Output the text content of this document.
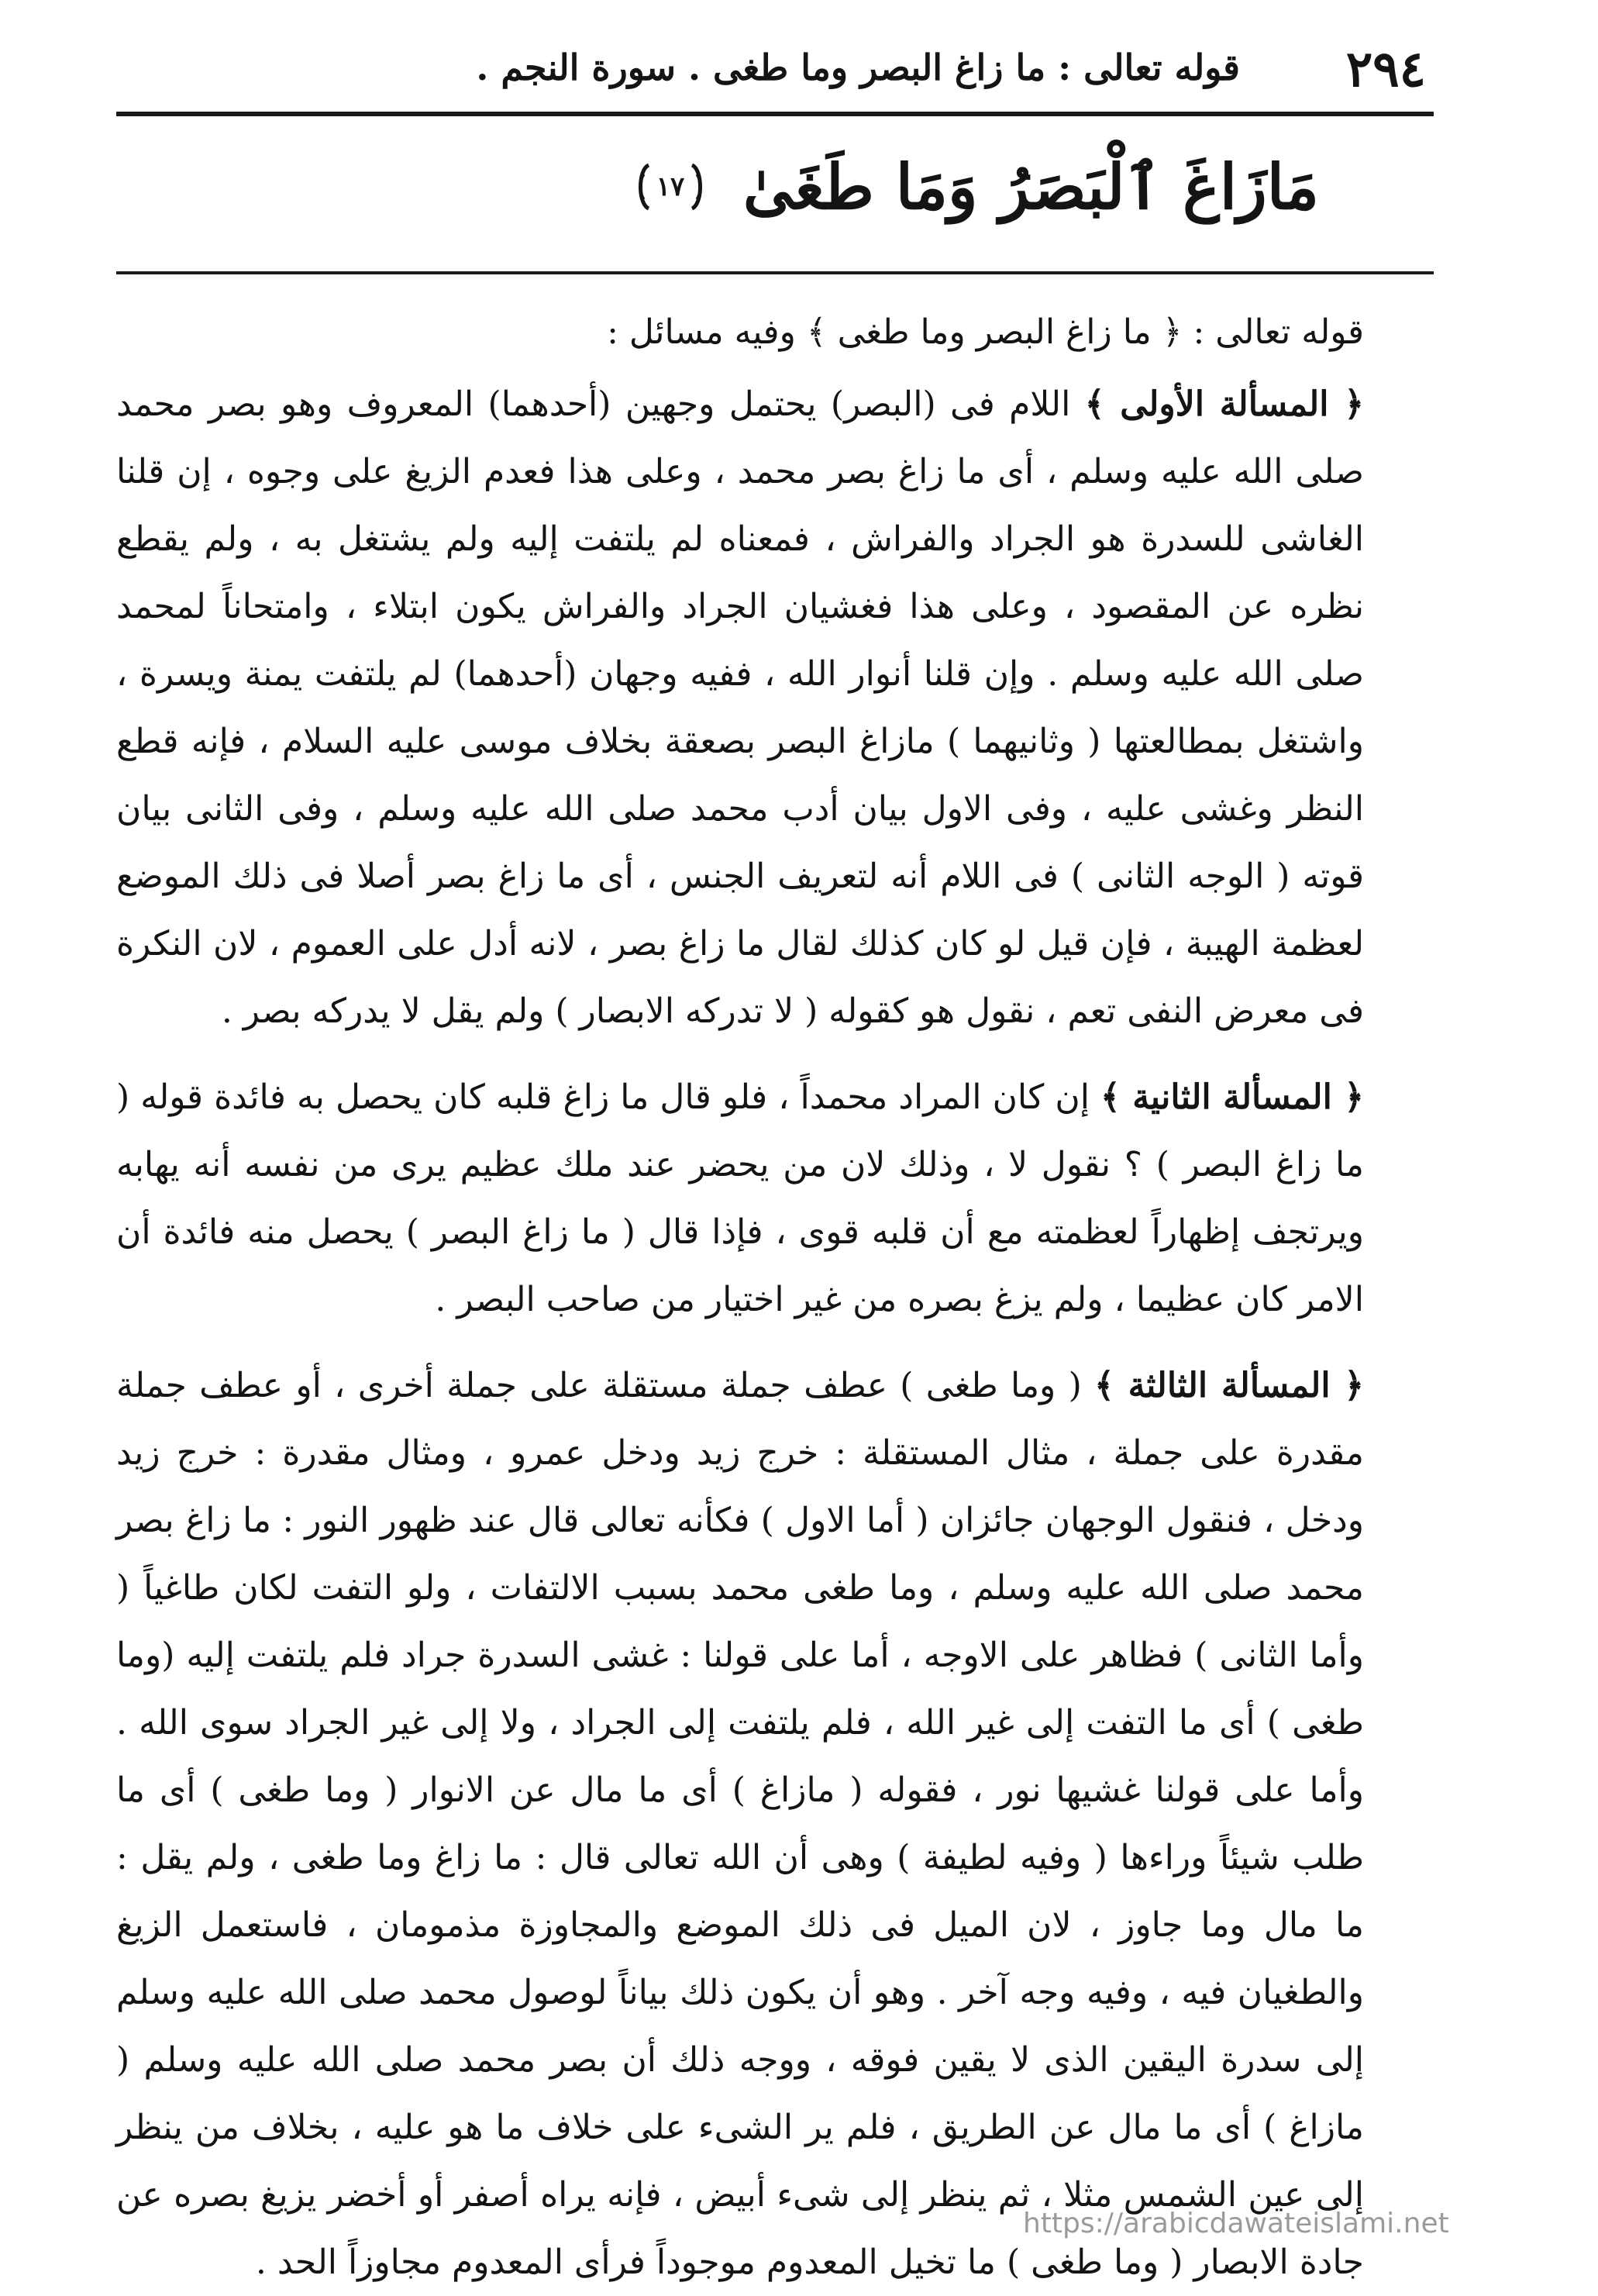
٢٩٤
قوله تعالى : ما زاغ البصر وما طغى . سورة النجم .
مَازَاغَ ٱلْبَصَرُ وَمَا طَغَىٰ
١٧

قوله تعالى : ﴿ ما زاغ البصر وما طغى ﴾ وفيه مسائل :

﴿ المسألة الأولى ﴾ اللام فى (البصر) يحتمل وجهين (أحدهما) المعروف وهو بصر محمد صلى الله عليه وسلم ، أى ما زاغ بصر محمد ، وعلى هذا فعدم الزيغ على وجوه ، إن قلنا الغاشى للسدرة هو الجراد والفراش ، فمعناه لم يلتفت إليه ولم يشتغل به ، ولم يقطع نظره عن المقصود ، وعلى هذا فغشيان الجراد والفراش يكون ابتلاء ، وامتحاناً لمحمد صلى الله عليه وسلم . وإن قلنا أنوار الله ، ففيه وجهان (أحدهما) لم يلتفت يمنة ويسرة ، واشتغل بمطالعتها ( وثانيهما ) مازاغ البصر بصعقة بخلاف موسى عليه السلام ، فإنه قطع النظر وغشى عليه ، وفى الاول بيان أدب محمد صلى الله عليه وسلم ، وفى الثانى بيان قوته ( الوجه الثانى ) فى اللام أنه لتعريف الجنس ، أى ما زاغ بصر أصلا فى ذلك الموضع لعظمة الهيبة ، فإن قيل لو كان كذلك لقال ما زاغ بصر ، لانه أدل على العموم ، لان النكرة فى معرض النفى تعم ، نقول هو كقوله ( لا تدركه الابصار ) ولم يقل لا يدركه بصر .

﴿ المسألة الثانية ﴾ إن كان المراد محمداً ، فلو قال ما زاغ قلبه كان يحصل به فائدة قوله ( ما زاغ البصر ) ؟ نقول لا ، وذلك لان من يحضر عند ملك عظيم يرى من نفسه أنه يهابه ويرتجف إظهاراً لعظمته مع أن قلبه قوى ، فإذا قال ( ما زاغ البصر ) يحصل منه فائدة أن الامر كان عظيما ، ولم يزغ بصره من غير اختيار من صاحب البصر .

﴿ المسألة الثالثة ﴾ ( وما طغى ) عطف جملة مستقلة على جملة أخرى ، أو عطف جملة مقدرة على جملة ، مثال المستقلة : خرج زيد ودخل عمرو ، ومثال مقدرة : خرج زيد ودخل ، فنقول الوجهان جائزان ( أما الاول ) فكأنه تعالى قال عند ظهور النور : ما زاغ بصر محمد صلى الله عليه وسلم ، وما طغى محمد بسبب الالتفات ، ولو التفت لكان طاغياً ( وأما الثانى ) فظاهر على الاوجه ، أما على قولنا : غشى السدرة جراد فلم يلتفت إليه (وما طغى ) أى ما التفت إلى غير الله ، فلم يلتفت إلى الجراد ، ولا إلى غير الجراد سوى الله . وأما على قولنا غشيها نور ، فقوله ( مازاغ ) أى ما مال عن الانوار ( وما طغى ) أى ما طلب شيئاً وراءها ( وفيه لطيفة ) وهى أن الله تعالى قال : ما زاغ وما طغى ، ولم يقل : ما مال وما جاوز ، لان الميل فى ذلك الموضع والمجاوزة مذمومان ، فاستعمل الزيغ والطغيان فيه ، وفيه وجه آخر . وهو أن يكون ذلك بياناً لوصول محمد صلى الله عليه وسلم إلى سدرة اليقين الذى لا يقين فوقه ، ووجه ذلك أن بصر محمد صلى الله عليه وسلم ( مازاغ ) أى ما مال عن الطريق ، فلم ير الشىء على خلاف ما هو عليه ، بخلاف من ينظر إلى عين الشمس مثلا ، ثم ينظر إلى شىء أبيض ، فإنه يراه أصفر أو أخضر يزيغ بصره عن جادة الابصار ( وما طغى ) ما تخيل المعدوم موجوداً فرأى المعدوم مجاوزاً الحد .

https://arabicdawateislami.net
